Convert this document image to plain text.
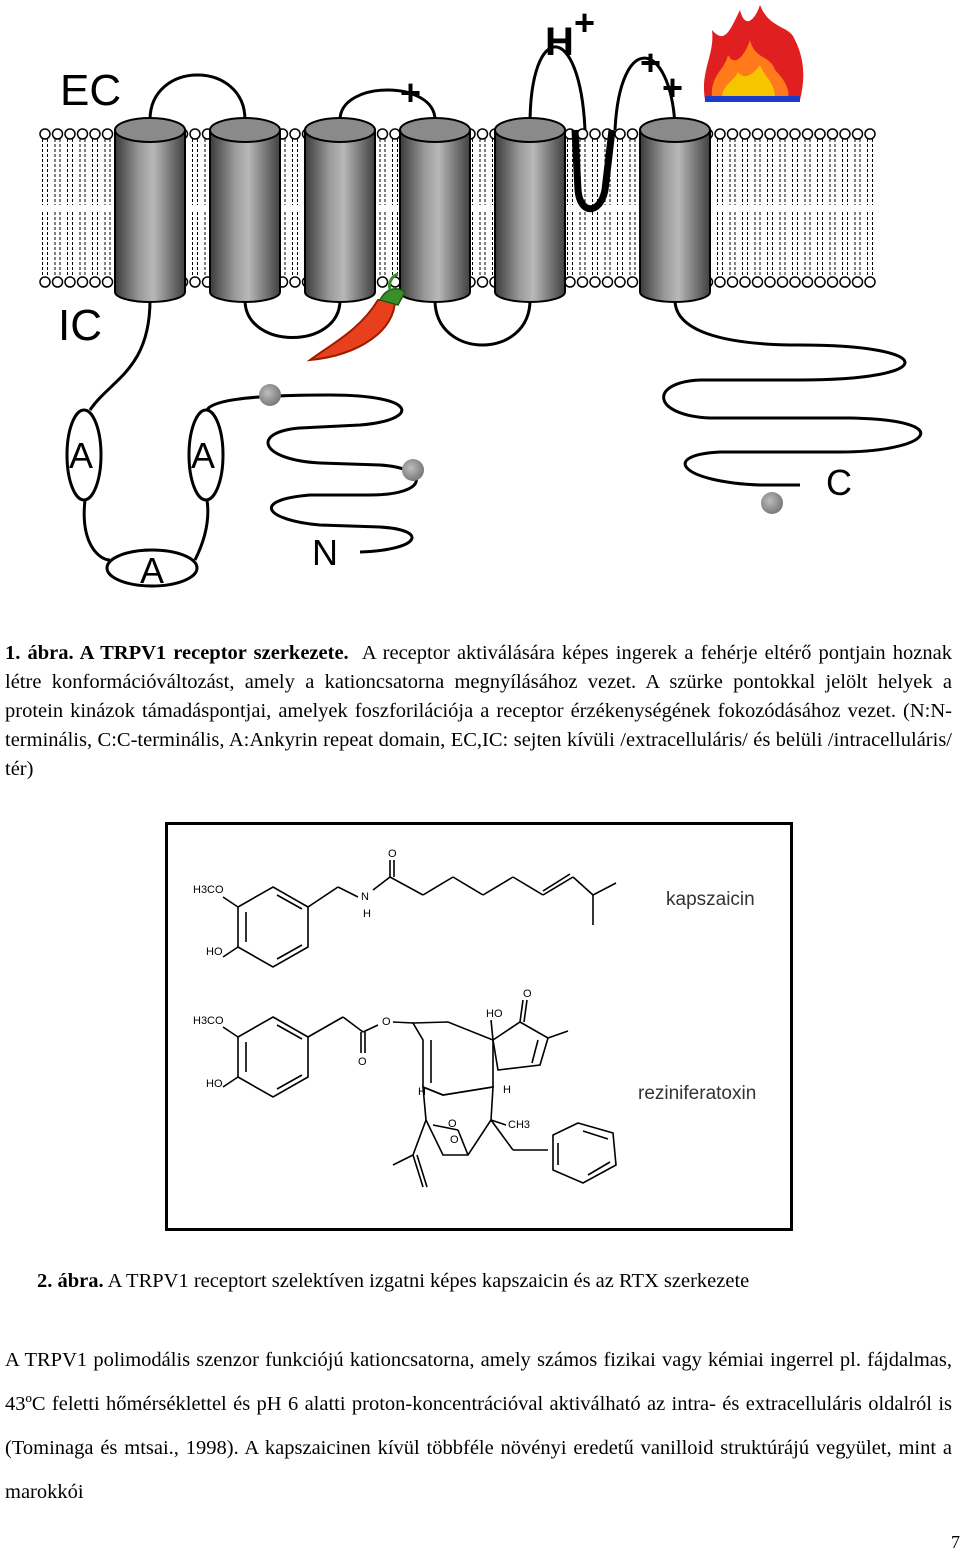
EC
IC
H +
+
+
+
A	A
A	N
C

1. ábra. A TRPV1 receptor szerkezete. A receptor aktiválására képes ingerek a fehérje eltérő pontjain hoznak létre konformációváltozást, amely a kationcsatorna megnyílásához vezet. A szürke pontokkal jelölt helyek a protein kinázok támadáspontjai, amelyek foszforilációja a receptor érzékenységének fokozódásához vezet. (N:N-terminális, C:C-terminális, A:Ankyrin repeat domain, EC,IC: sejten kívüli /extracelluláris/ és belüli /intracelluláris/ tér)

H3CO
HO
N
H
O
H3CO
HO
O
O
HO
O
H	H
O
O
CH3
kapszaicin
reziniferatoxin

2. ábra. A TRPV1 receptort szelektíven izgatni képes kapszaicin és az RTX szerkezete

A TRPV1 polimodális szenzor funkciójú kationcsatorna, amely számos fizikai vagy kémiai ingerrel pl. fájdalmas, 43ºC feletti hőmérséklettel és pH 6 alatti proton-koncentrációval aktiválható az intra- és extracelluláris oldalról is (Tominaga és mtsai., 1998). A kapszaicinen kívül többféle növényi eredetű vanilloid struktúrájú vegyület, mint a marokkói

7
